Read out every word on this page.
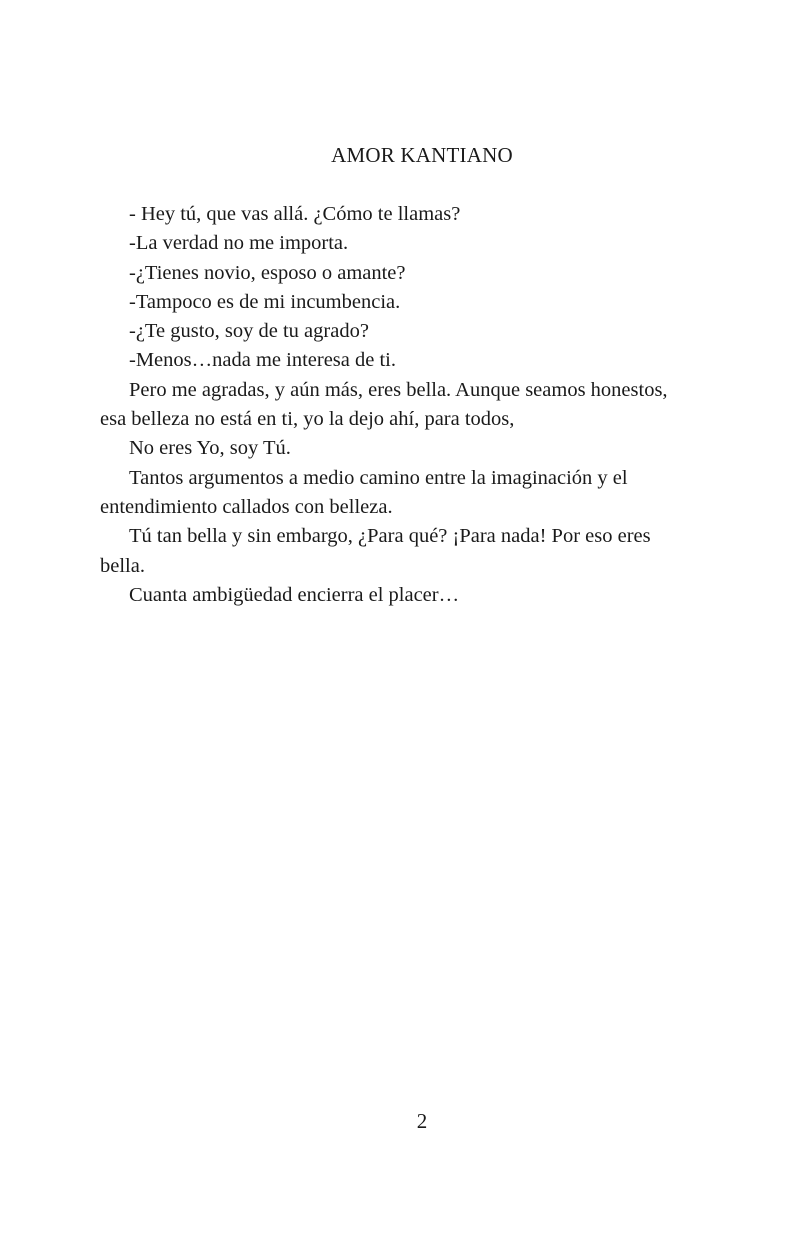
AMOR KANTIANO

- Hey tú, que vas allá. ¿Cómo te llamas?

-La verdad no me importa.

-¿Tienes novio, esposo o amante?

-Tampoco es de mi incumbencia.

-¿Te gusto, soy de tu agrado?

-Menos…nada me interesa de ti.

Pero me agradas, y aún más, eres bella. Aunque seamos honestos, esa belleza no está en ti, yo la dejo ahí, para todos,

No eres Yo, soy Tú.

Tantos argumentos a medio camino entre la imaginación y el entendimiento callados con belleza.

Tú tan bella y sin embargo, ¿Para qué? ¡Para nada! Por eso eres bella.

Cuanta ambigüedad encierra el placer…

2
